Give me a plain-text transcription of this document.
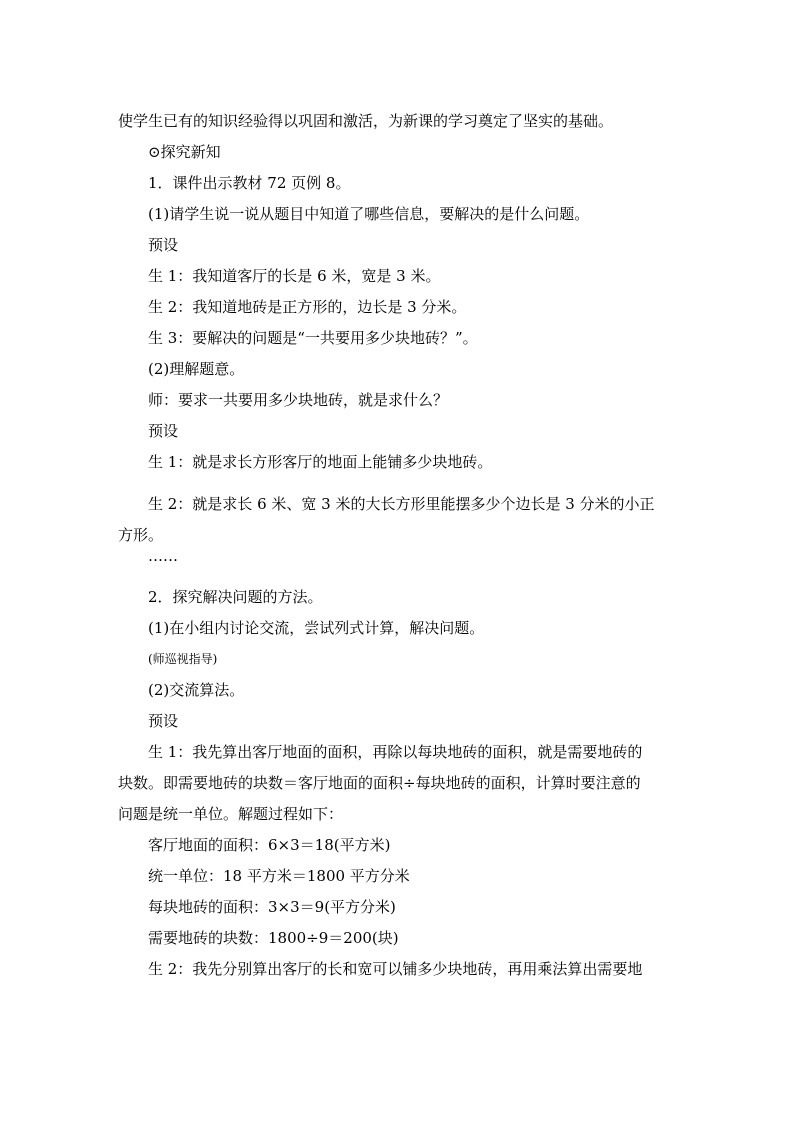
使学生已有的知识经验得以巩固和激活，为新课的学习奠定了坚实的基础。
⊙探究新知
1．课件出示教材 72 页例 8。
(1)请学生说一说从题目中知道了哪些信息，要解决的是什么问题。
预设
生 1：我知道客厅的长是 6 米，宽是 3 米。
生 2：我知道地砖是正方形的，边长是 3 分米。
生 3：要解决的问题是“一共要用多少块地砖？”。
(2)理解题意。
师：要求一共要用多少块地砖，就是求什么？
预设
生 1：就是求长方形客厅的地面上能铺多少块地砖。
生 2：就是求长 6 米、宽 3 米的大长方形里能摆多少个边长是 3 分米的小正
方形。
……
2．探究解决问题的方法。
(1)在小组内讨论交流，尝试列式计算，解决问题。
(师巡视指导)
(2)交流算法。
预设
生 1：我先算出客厅地面的面积，再除以每块地砖的面积，就是需要地砖的
块数。即需要地砖的块数＝客厅地面的面积÷每块地砖的面积，计算时要注意的
问题是统一单位。解题过程如下：
客厅地面的面积：6×3＝18(平方米)
统一单位：18 平方米＝1800 平方分米
每块地砖的面积：3×3＝9(平方分米)
需要地砖的块数：1800÷9＝200(块)
生 2：我先分别算出客厅的长和宽可以铺多少块地砖，再用乘法算出需要地
